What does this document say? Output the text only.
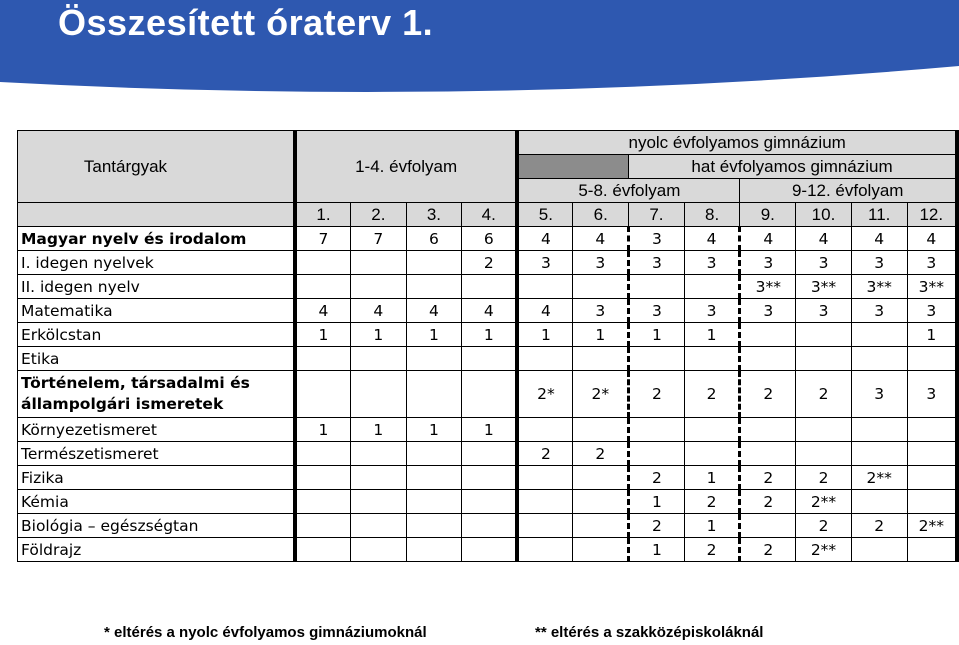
Összesített óraterv 1.
Tantárgyak	1-4. évfolyam				nyolc évfolyamos gimnázium							
							hat évfolyamos gimnázium					
					5-8. évfolyam				9-12. évfolyam			
	1.	2.	3.	4.	5.	6.	7.	8.	9.	10.	11.	12.
Magyar nyelv és irodalom	7	7	6	6	4	4	3	4	4	4	4	4
I. idegen nyelvek				2	3	3	3	3	3	3	3	3
II. idegen nyelv									3**	3**	3**	3**
Matematika	4	4	4	4	4	3	3	3	3	3	3	3
Erkölcstan	1	1	1	1	1	1	1	1				1
Etika												

Történelem, társadalmi és
állampolgári ismeretek					2*	2*	2	2	2	2	3	3
Környezetismeret	1	1	1	1								
Természetismeret					2	2						
Fizika							2	1	2	2	2**	
Kémia							1	2	2	2**		
Biológia – egészségtan							2	1		2	2	2**
Földrajz							1	2	2	2**		
* eltérés a nyolc évfolyamos gimnáziumoknál	** eltérés a szakközépiskoláknál
